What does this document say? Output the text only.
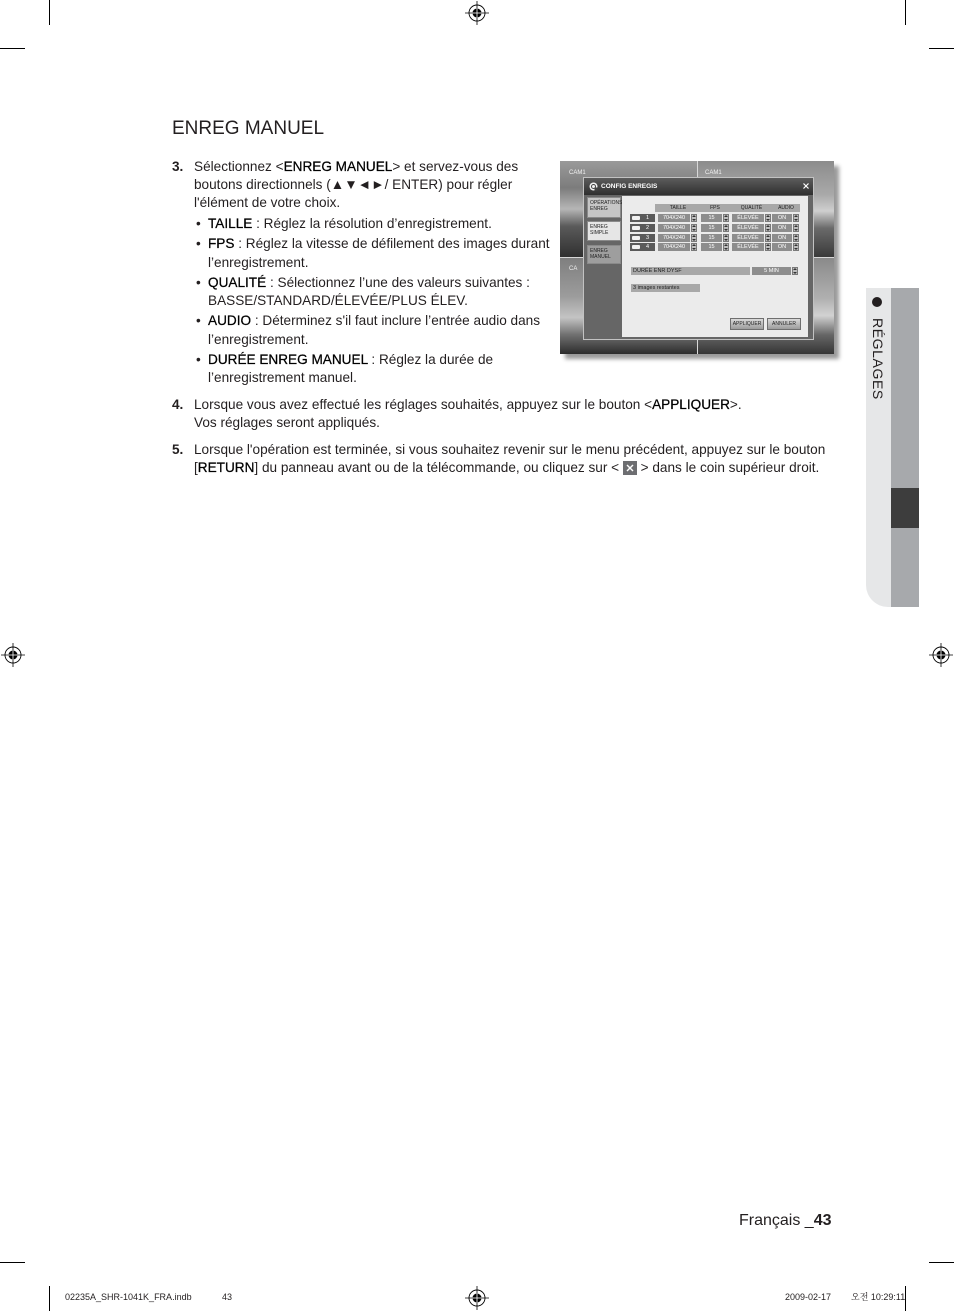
ENREG MANUEL
3. Sélectionnez <ENREG MANUEL> et servez-vous des
boutons directionnels (▲▼◄►/ ENTER) pour régler
l'élément de votre choix.
• TAILLE : Réglez la résolution d’enregistrement.
• FPS : Réglez la vitesse de défilement des images durant
l’enregistrement.
• QUALITÉ : Sélectionnez l’une des valeurs suivantes :
BASSE/STANDARD/ÉLEVÉE/PLUS ÉLEV.
• AUDIO : Déterminez s'il faut inclure l’entrée audio dans
l’enregistrement.
• DURÉE ENREG MANUEL : Réglez la durée de
l’enregistrement manuel.
4. Lorsque vous avez effectué les réglages souhaités, appuyez sur le bouton <APPLIQUER>.
Vos réglages seront appliqués.
5. Lorsque l'opération est terminée, si vous souhaitez revenir sur le menu précédent, appuyez sur le bouton
[RETURN] du panneau avant ou de la télécommande, ou cliquez sur <
> dans le coin supérieur droit.
CAM1	CAM1
CA
CONFIG ENREGIS
OPÉRATIONS
ENREG
ENREG
SIMPLE
ENREG
MANUEL
TAILLE	FPS	QUALITÉ	AUDIO
1	704X240	15	ÉLEVÉE	ON
2	704X240	15	ÉLEVÉE	ON
3	704X240	15	ÉLEVÉE	ON
4	704X240	15	ÉLEVÉE	ON
DURÉE ENR DYSF	5 MIN
3 images restantes
APPLIQUER	ANNULER	RÉGLAGES
Français _43
02235A_SHR-1041K_FRA.indb	43	2009-02-17 오전 10:29:11
